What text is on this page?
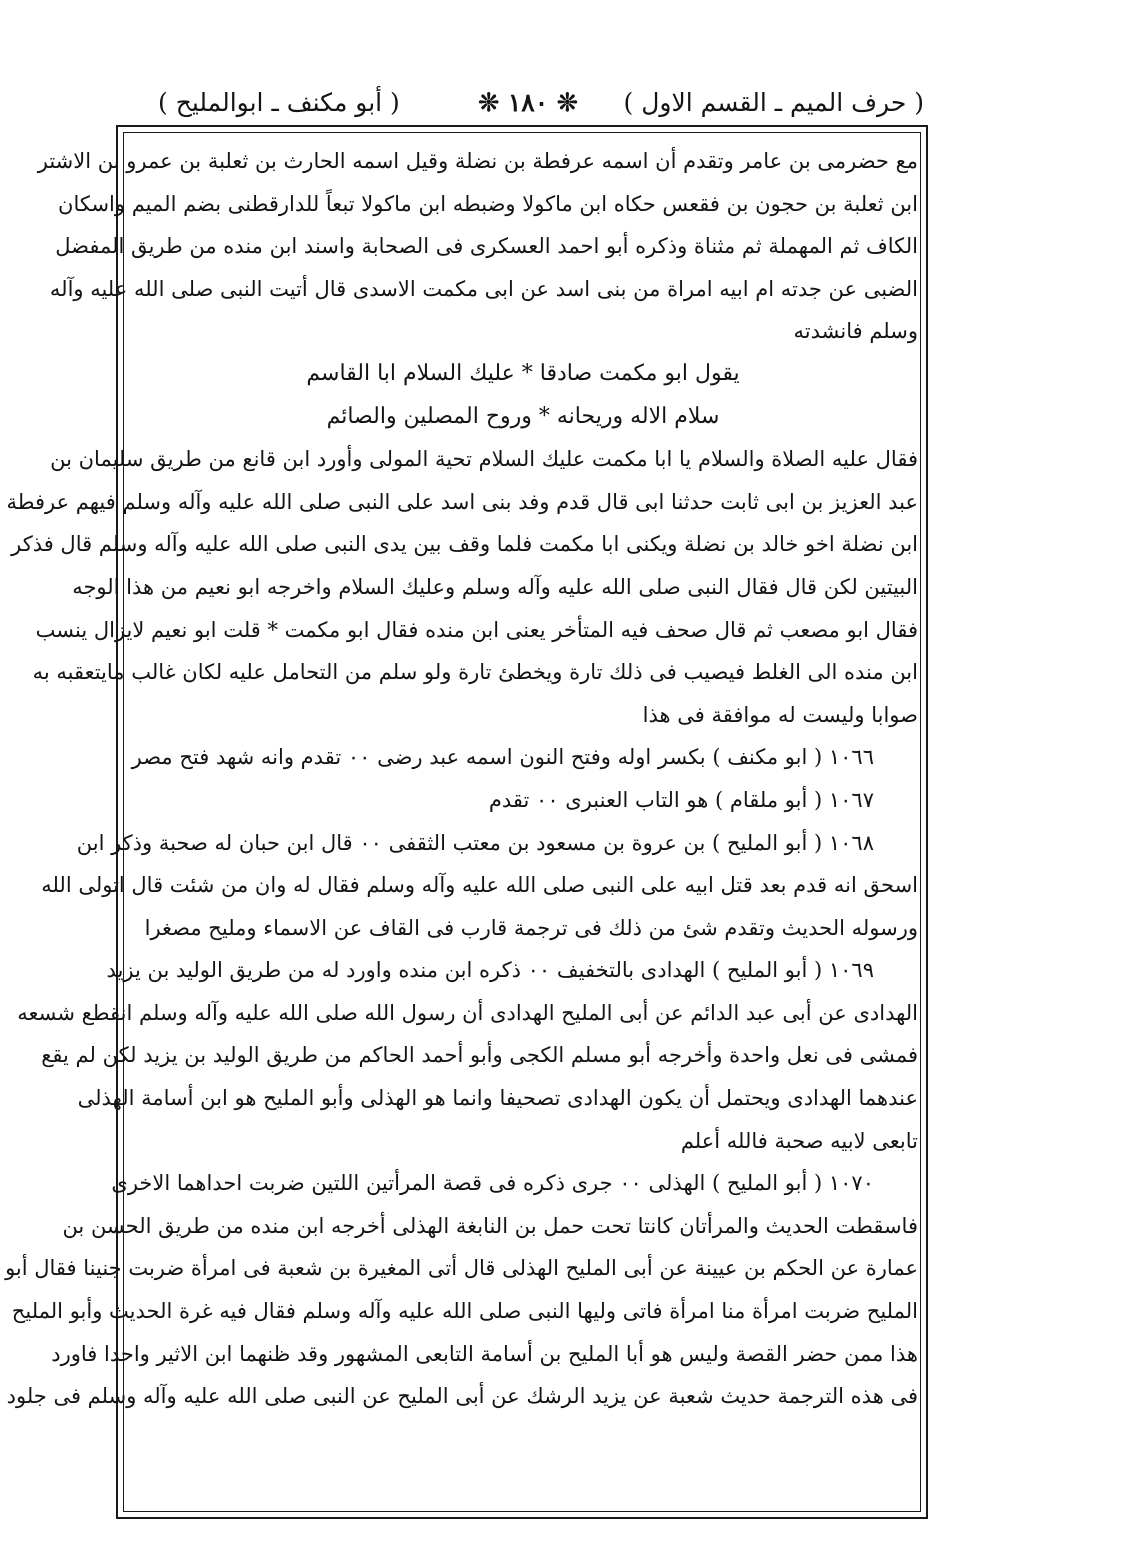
( حرف الميم ـ القسم الاول )
❊ ١٨٠ ❊
( أبو مكنف ـ ابوالمليح )
مع حضرمى بن عامر وتقدم أن اسمه عرفطة بن نضلة وقيل اسمه الحارث بن ثعلبة بن عمرو بن الاشتر
ابن ثعلبة بن حجون بن فقعس حكاه ابن ماكولا وضبطه ابن ماكولا تبعاً للدارقطنى بضم الميم واسكان
الكاف ثم المهملة ثم مثناة وذكره أبو احمد العسكرى فى الصحابة واسند ابن منده من طريق المفضل
الضبى عن جدته ام ابيه امراة من بنى اسد عن ابى مكمت الاسدى قال أتيت النبى صلى الله عليه وآله
وسلم فانشدته
يقول ابو مكمت صادقا * عليك السلام ابا القاسم
سلام الاله وريحانه * وروح المصلين والصائم
فقال عليه الصلاة والسلام يا ابا مكمت عليك السلام تحية المولى وأورد ابن قانع من طريق سليمان بن
عبد العزيز بن ابى ثابت حدثنا ابى قال قدم وفد بنى اسد على النبى صلى الله عليه وآله وسلم فيهم عرفطة
ابن نضلة اخو خالد بن نضلة ويكنى ابا مكمت فلما وقف بين يدى النبى صلى الله عليه وآله وسلم قال فذكر
البيتين لكن قال فقال النبى صلى الله عليه وآله وسلم وعليك السلام واخرجه ابو نعيم من هذا الوجه
فقال ابو مصعب ثم قال صحف فيه المتأخر يعنى ابن منده فقال ابو مكمت * قلت ابو نعيم لايزال ينسب
ابن منده الى الغلط فيصيب فى ذلك تارة ويخطئ تارة ولو سلم من التحامل عليه لكان غالب مايتعقبه به
صوابا وليست له موافقة فى هذا
١٠٦٦ ( ابو مكنف ) بكسر اوله وفتح النون اسمه عبد رضى ٠٠ تقدم وانه شهد فتح مصر
١٠٦٧ ( أبو ملقام ) هو التاب العنبرى ٠٠ تقدم
١٠٦٨ ( أبو المليح ) بن عروة بن مسعود بن معتب الثقفى ٠٠ قال ابن حبان له صحبة وذكر ابن
اسحق انه قدم بعد قتل ابيه على النبى صلى الله عليه وآله وسلم فقال له وان من شئت قال اتولى الله
ورسوله الحديث وتقدم شئ من ذلك فى ترجمة قارب فى القاف عن الاسماء ومليح مصغرا
١٠٦٩ ( أبو المليح ) الهدادى بالتخفيف ٠٠ ذكره ابن منده واورد له من طريق الوليد بن يزيد
الهدادى عن أبى عبد الدائم عن أبى المليح الهدادى أن رسول الله صلى الله عليه وآله وسلم انقطع شسعه
فمشى فى نعل واحدة وأخرجه أبو مسلم الكجى وأبو أحمد الحاكم من طريق الوليد بن يزيد لكن لم يقع
عندهما الهدادى ويحتمل أن يكون الهدادى تصحيفا وانما هو الهذلى وأبو المليح هو ابن أسامة الهذلى
تابعى لابيه صحبة فالله أعلم
١٠٧٠ ( أبو المليح ) الهذلى ٠٠ جرى ذكره فى قصة المرأتين اللتين ضربت احداهما الاخرى
فاسقطت الحديث والمرأتان كانتا تحت حمل بن النابغة الهذلى أخرجه ابن منده من طريق الحسن بن
عمارة عن الحكم بن عيينة عن أبى المليح الهذلى قال أتى المغيرة بن شعبة فى امرأة ضربت جنينا فقال أبو
المليح ضربت امرأة منا امرأة فاتى وليها النبى صلى الله عليه وآله وسلم فقال فيه غرة الحديث وأبو المليح
هذا ممن حضر القصة وليس هو أبا المليح بن أسامة التابعى المشهور وقد ظنهما ابن الاثير واحدا فاورد
فى هذه الترجمة حديث شعبة عن يزيد الرشك عن أبى المليح عن النبى صلى الله عليه وآله وسلم فى جلود
